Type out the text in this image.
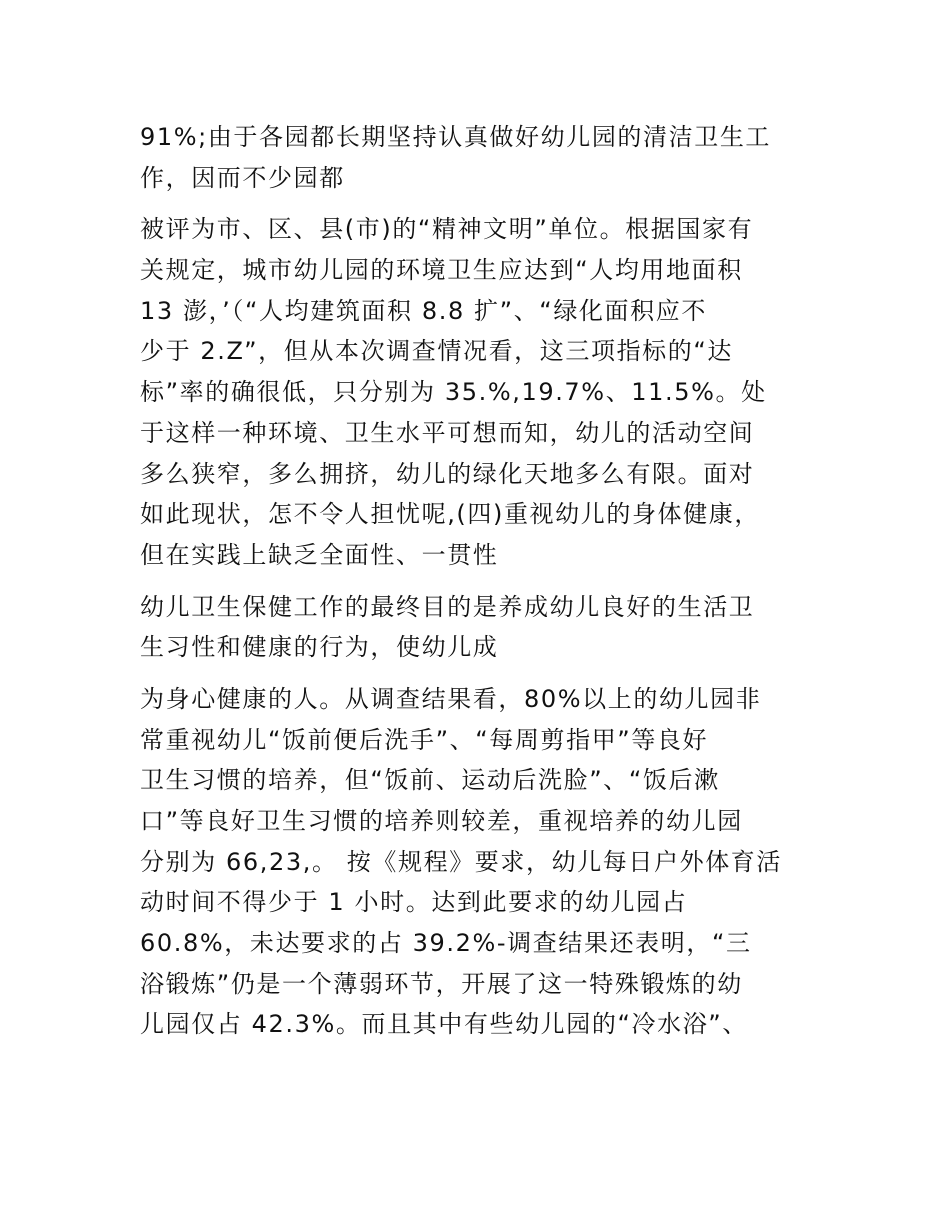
91%;由于各园都长期坚持认真做好幼儿园的清洁卫生工
作，因而不少园都
被评为市、区、县(市)的“精神文明”单位。根据国家有
关规定，城市幼儿园的环境卫生应达到“人均用地面积
13 澎，’（“人均建筑面积 8.8 扩”、“绿化面积应不
少于 2.Z”，但从本次调查情况看，这三项指标的“达
标”率的确很低，只分别为 35.%,19.7%、11.5%。处
于这样一种环境、卫生水平可想而知，幼儿的活动空间
多么狭窄，多么拥挤，幼儿的绿化天地多么有限。面对
如此现状，怎不令人担忧呢,(四)重视幼儿的身体健康，
但在实践上缺乏全面性、一贯性
幼儿卫生保健工作的最终目的是养成幼儿良好的生活卫
生习性和健康的行为，使幼儿成
为身心健康的人。从调查结果看，80%以上的幼儿园非
常重视幼儿“饭前便后洗手”、“每周剪指甲”等良好
卫生习惯的培养，但“饭前、运动后洗脸”、“饭后漱
口”等良好卫生习惯的培养则较差，重视培养的幼儿园
分别为 66,23,。 按《规程》要求，幼儿每日户外体育活
动时间不得少于 1 小时。达到此要求的幼儿园占
60.8%，未达要求的占 39.2%-调查结果还表明，“三
浴锻炼”仍是一个薄弱环节，开展了这一特殊锻炼的幼
儿园仅占 42.3%。而且其中有些幼儿园的“冷水浴”、
